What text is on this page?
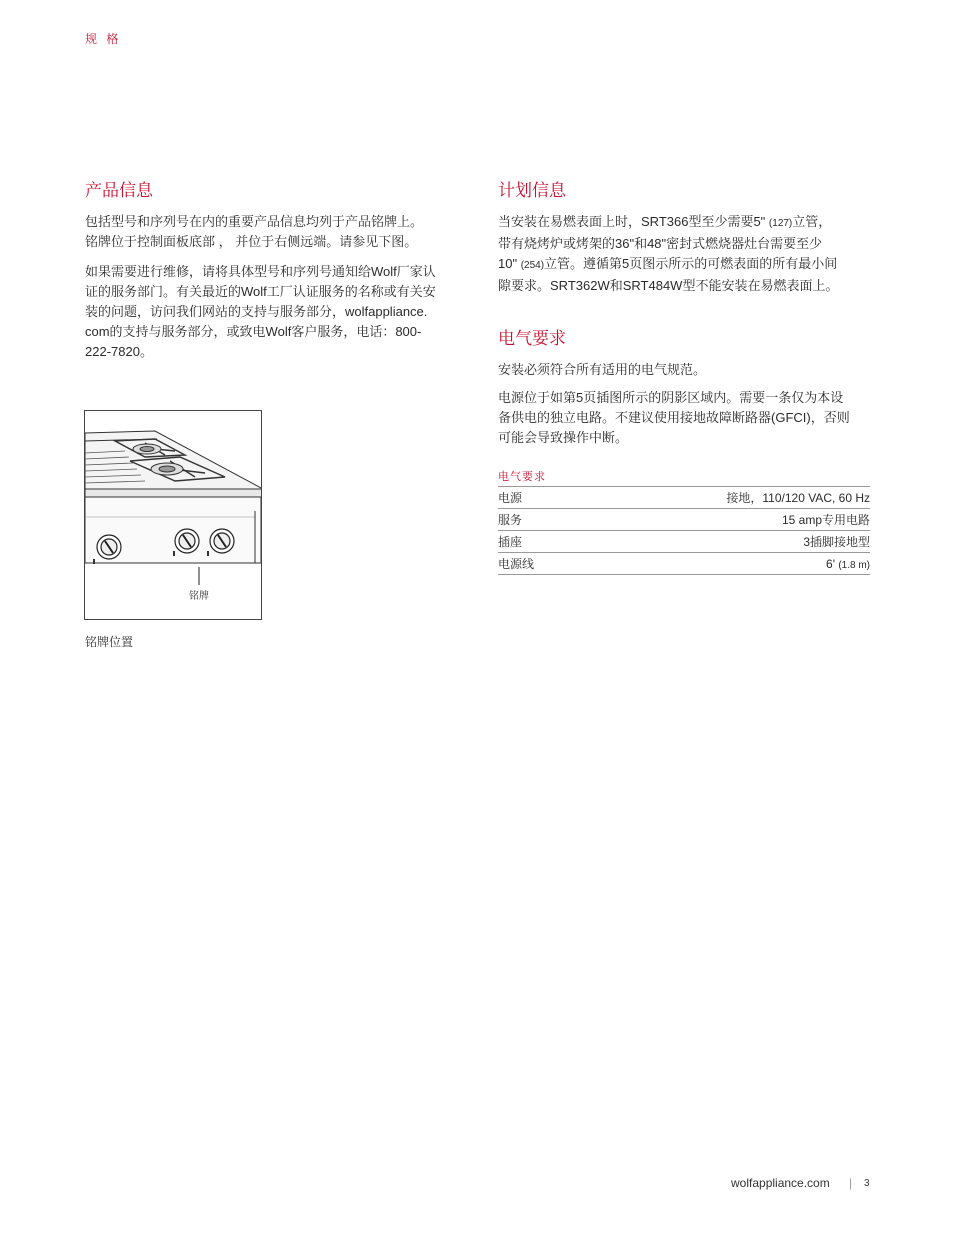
规 格
产品信息

包括型号和序列号在内的重要产品信息均列于产品铭牌上。

铭牌位于控制面板底部 ， 并位于右侧远端。请参见下图。

如果需要进行维修，请将具体型号和序列号通知给Wolf厂家认

证的服务部门。有关最近的Wolf工厂认证服务的名称或有关安

装的问题，访问我们网站的支持与服务部分，wolfappliance.

com的支持与服务部分，或致电Wolf客户服务，电话：800-

222-7820。

铭牌
铭牌位置
计划信息

当安装在易燃表面上时，SRT366型至少需要5" (127)立管，

带有烧烤炉或烤架的36"和48"密封式燃烧器灶台需要至少

10" (254)立管。遵循第5页图示所示的可燃表面的所有最小间

隙要求。SRT362W和SRT484W型不能安装在易燃表面上。

电气要求

安装必须符合所有适用的电气规范。

电源位于如第5页插图所示的阴影区域内。需要一条仅为本设

备供电的独立电路。不建议使用接地故障断路器(GFCI)，否则

可能会导致操作中断。

电气要求
电源	接地，110/120 VAC, 60 Hz
服务	15 amp专用电路
插座	3插脚接地型
电源线	6' (1.8 m)
wolfappliance.com | 3
